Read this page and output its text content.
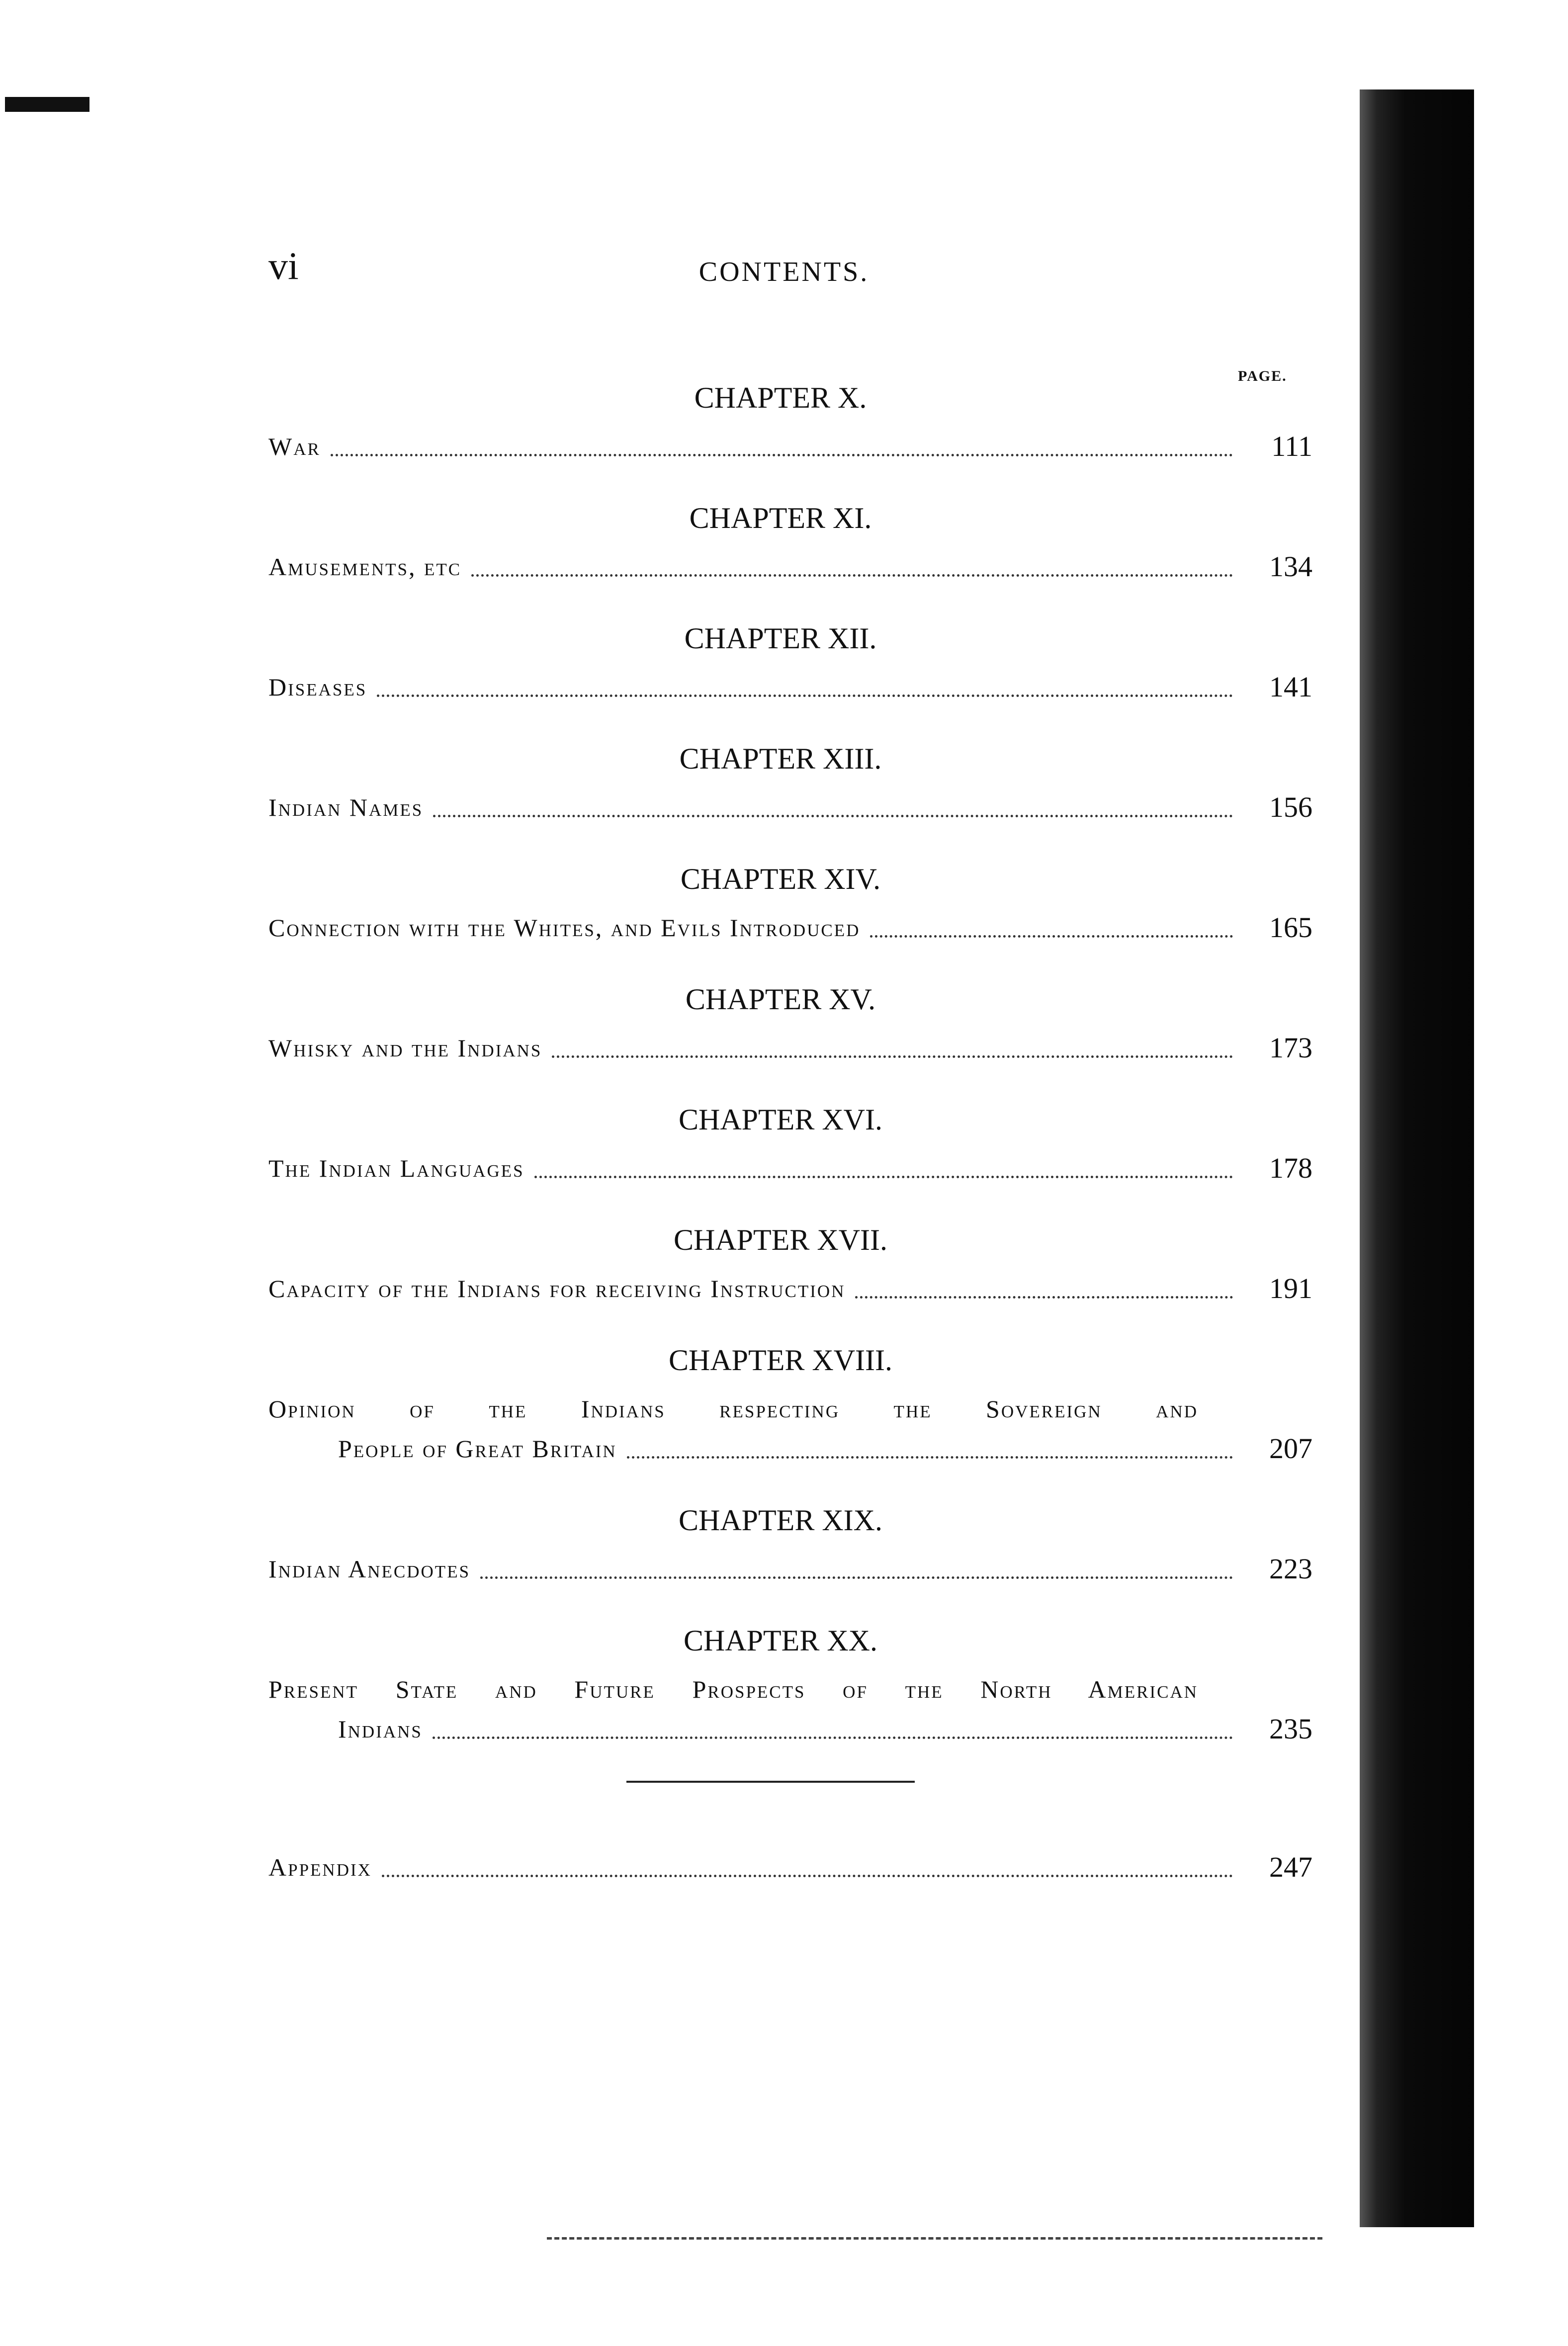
vi	CONTENTS.
PAGE.
CHAPTER X.
War	111
CHAPTER XI.
Amusements, etc	134
CHAPTER XII.
Diseases	141
CHAPTER XIII.
Indian Names	156
CHAPTER XIV.
Connection with the Whites, and Evils Introduced	165
CHAPTER XV.
Whisky and the Indians	173
CHAPTER XVI.
The Indian Languages	178
CHAPTER XVII.
Capacity of the Indians for receiving Instruction	191
CHAPTER XVIII.
Opinion of the Indians respecting the Sovereign and
People of Great Britain	207
CHAPTER XIX.
Indian Anecdotes	223
CHAPTER XX.
Present State and Future Prospects of the North American
Indians	235
Appendix	247
